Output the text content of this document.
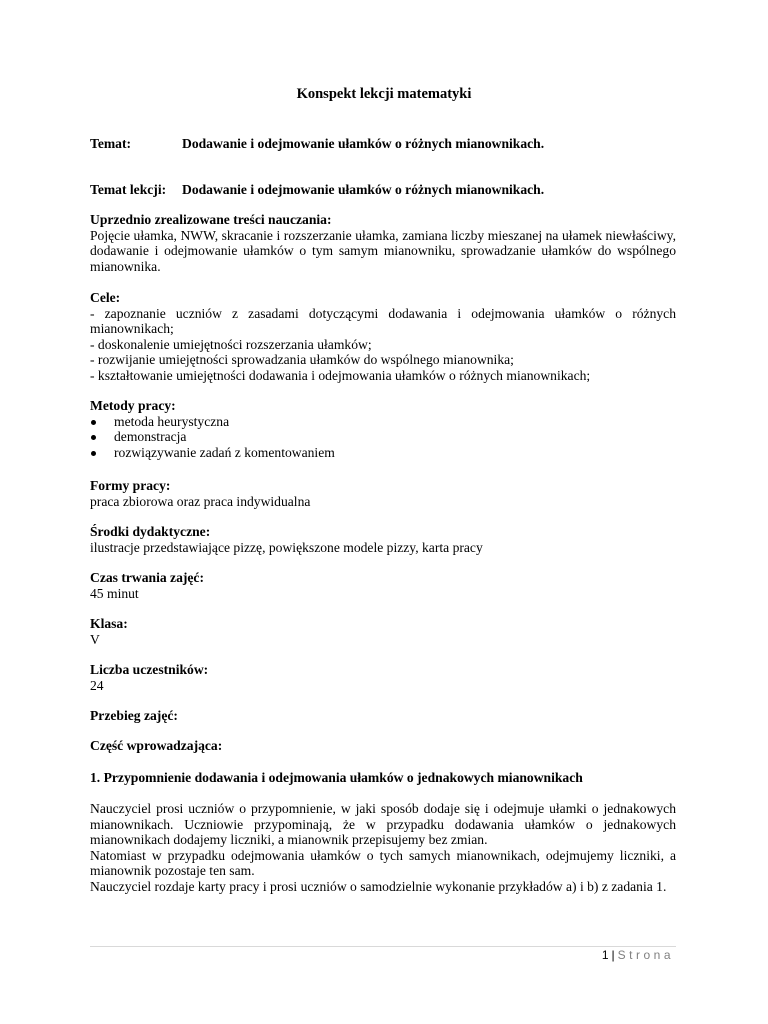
Konspekt lekcji matematyki
Temat:	Dodawanie i odejmowanie ułamków o różnych mianownikach.
Temat lekcji:	Dodawanie i odejmowanie ułamków o różnych mianownikach.
Uprzednio zrealizowane treści nauczania:
Pojęcie ułamka, NWW, skracanie i rozszerzanie ułamka, zamiana liczby mieszanej na ułamek niewłaściwy, dodawanie i odejmowanie ułamków o tym samym mianowniku, sprowadzanie ułamków do wspólnego mianownika.
Cele:
- zapoznanie uczniów z zasadami dotyczącymi dodawania i odejmowania ułamków o różnych mianownikach;
- doskonalenie umiejętności rozszerzania ułamków;
- rozwijanie umiejętności sprowadzania ułamków do wspólnego mianownika;
- kształtowanie umiejętności dodawania i odejmowania ułamków o różnych mianownikach;
Metody pracy:
metoda heurystyczna
demonstracja
rozwiązywanie zadań z komentowaniem
Formy pracy:
praca zbiorowa oraz praca indywidualna
Środki dydaktyczne:
ilustracje przedstawiające pizzę, powiększone modele pizzy, karta pracy
Czas trwania zajęć:
45 minut
Klasa:
V
Liczba uczestników:
24
Przebieg zajęć:
Część wprowadzająca:
1. Przypomnienie dodawania i odejmowania ułamków o jednakowych mianownikach
Nauczyciel prosi uczniów o przypomnienie, w jaki sposób dodaje się i odejmuje ułamki o jednakowych mianownikach. Uczniowie przypominają, że w przypadku dodawania ułamków o jednakowych mianownikach dodajemy liczniki, a mianownik przepisujemy bez zmian.
Natomiast w przypadku odejmowania ułamków o tych samych mianownikach, odejmujemy liczniki, a mianownik pozostaje ten sam.
Nauczyciel rozdaje karty pracy i prosi uczniów o samodzielnie wykonanie przykładów a) i b) z zadania 1.
1 | Strona
